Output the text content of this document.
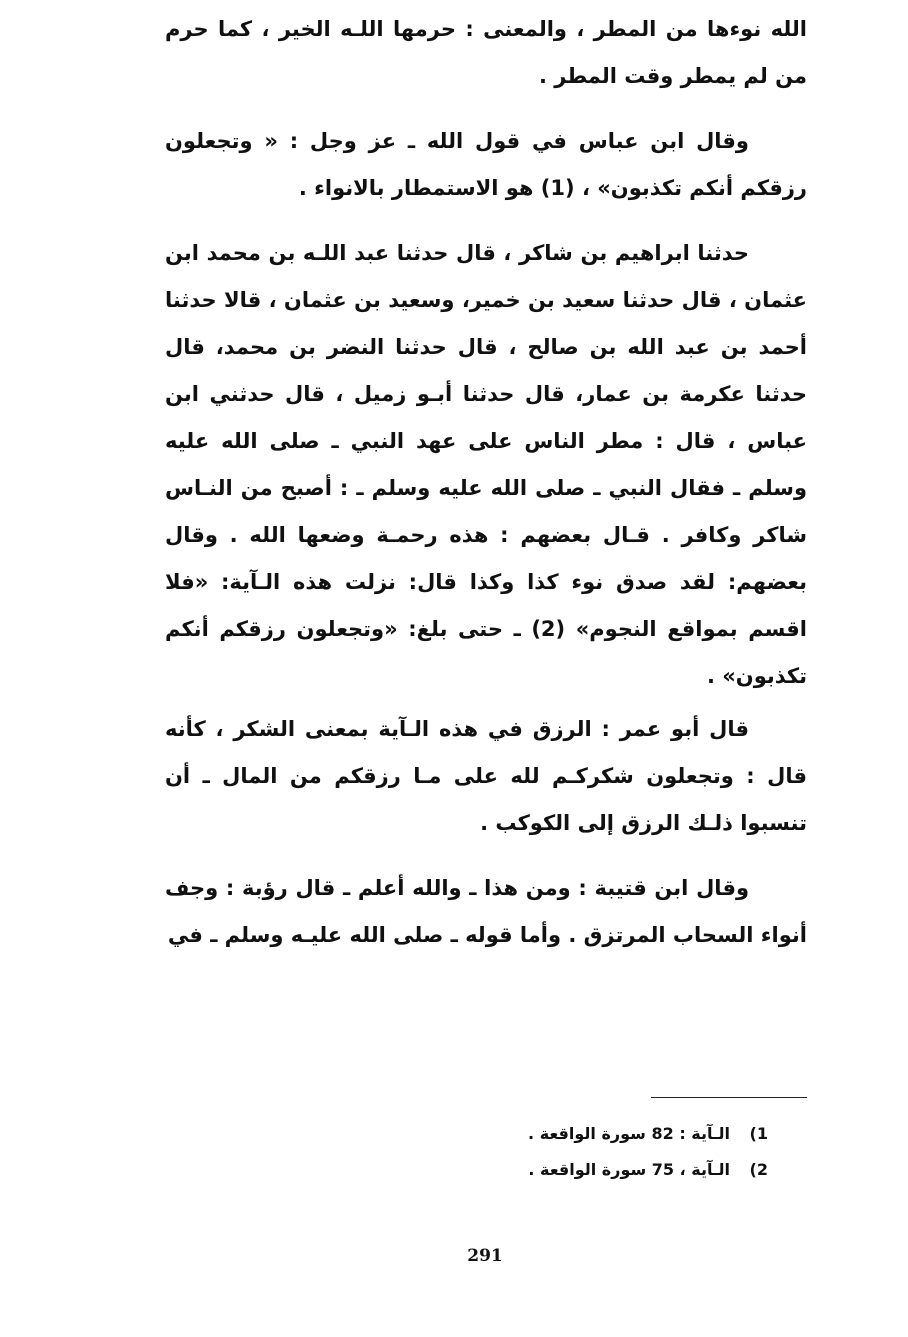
الله نوءها من المطر ، والمعنى : حرمها اللـه الخير ، كما حرم من لم يمطر وقت المطر .

وقال ابن عباس في قول الله ـ عز وجل : « وتجعلون رزقكم أنكم تكذبون» ، (1) هو الاستمطار بالانواء .

حدثنا ابراهيم بن شاكر ، قال حدثنا عبد اللـه بن محمد ابن عثمان ، قال حدثنا سعيد بن خمير، وسعيد بن عثمان ، قالا حدثنا أحمد بن عبد الله بن صالح ، قال حدثنا النضر بن محمد، قال حدثنا عكرمة بن عمار، قال حدثنا أبـو زميل ، قال حدثني ابن عباس ، قال : مطر الناس على عهد النبي ـ صلى الله عليه وسلم ـ فقال النبي ـ صلى الله عليه وسلم ـ : أصبح من النـاس شاكر وكافر . قـال بعضهم : هذه رحمـة وضعها الله . وقال بعضهم: لقد صدق نوء كذا وكذا قال: نزلت هذه الـآية: «فلا اقسم بمواقع النجوم» (2) ـ حتى بلغ: «وتجعلون رزقكم أنكم تكذبون» .

قال أبو عمر : الرزق في هذه الـآية بمعنى الشكر ، كأنه قال : وتجعلون شكركـم لله على مـا رزقكم من المال ـ أن تنسبوا ذلـك الرزق إلى الكوكب .

وقال ابن قتيبة : ومن هذا ـ والله أعلم ـ قال رؤبة : وجف أنواء السحاب المرتزق . وأما قوله ـ صلى الله عليـه وسلم ـ في

1) الـآية : 82 سورة الواقعة .
2) الـآية ، 75 سورة الواقعة .
291
